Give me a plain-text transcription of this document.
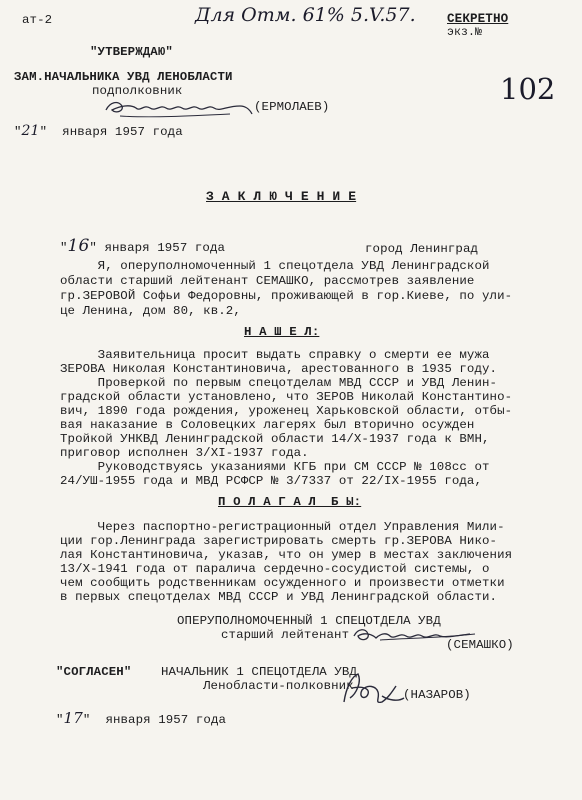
ат-2	Для Отм. 61% 5.V.57. СЕКРЕТНО
экз.№
102
"УТВЕРЖДАЮ"
ЗАМ.НАЧАЛЬНИКА УВД ЛЕНОБЛАСТИ
подполковник
(ЕРМОЛАЕВ)
"21"  января 1957 года
З А К Л Ю Ч Е Н И Е
"16" января 1957 года	город Ленинград
Я, оперуполномоченный 1 спецотдела УВД Ленинградской
области старший лейтенант СЕМАШКО, рассмотрев заявление
гр.ЗЕРОВОЙ Софьи Федоровны, проживающей в гор.Киеве, по ули-
це Ленина, дом 80, кв.2,
Н А Ш Е Л:
Заявительница просит выдать справку о смерти ее мужа
ЗЕРОВА Николая Константиновича, арестованного в 1935 году.
Проверкой по первым спецотделам МВД СССР и УВД Ленин-
градской области установлено, что ЗЕРОВ Николай Константино-
вич, 1890 года рождения, уроженец Харьковской области, отбы-
вая наказание в Соловецких лагерях был вторично осужден
Тройкой УНКВД Ленинградской области 14/Х-1937 года к ВМН,
приговор исполнен 3/ХI-1937 года.
Руководствуясь указаниями КГБ при СМ СССР № 108сс от
24/УШ-1955 года и МВД РСФСР № 3/7337 от 22/IХ-1955 года,
П О Л А Г А Л  Б Ы:
Через паспортно-регистрационный отдел Управления Мили-
ции гор.Ленинграда зарегистрировать смерть гр.ЗЕРОВА Нико-
лая Константиновича, указав, что он умер в местах заключения
13/Х-1941 года от паралича сердечно-сосудистой системы, о
чем сообщить родственникам осужденного и произвести отметки
в первых спецотделах МВД СССР и УВД Ленинградской области.
ОПЕРУПОЛНОМОЧЕННЫЙ 1 СПЕЦОТДЕЛА УВД
старший лейтенант
(СЕМАШКО)
"СОГЛАСЕН" НАЧАЛЬНИК 1 СПЕЦОТДЕЛА УВД
Ленобласти-полковник
(НАЗАРОВ)
"17"  января 1957 года
